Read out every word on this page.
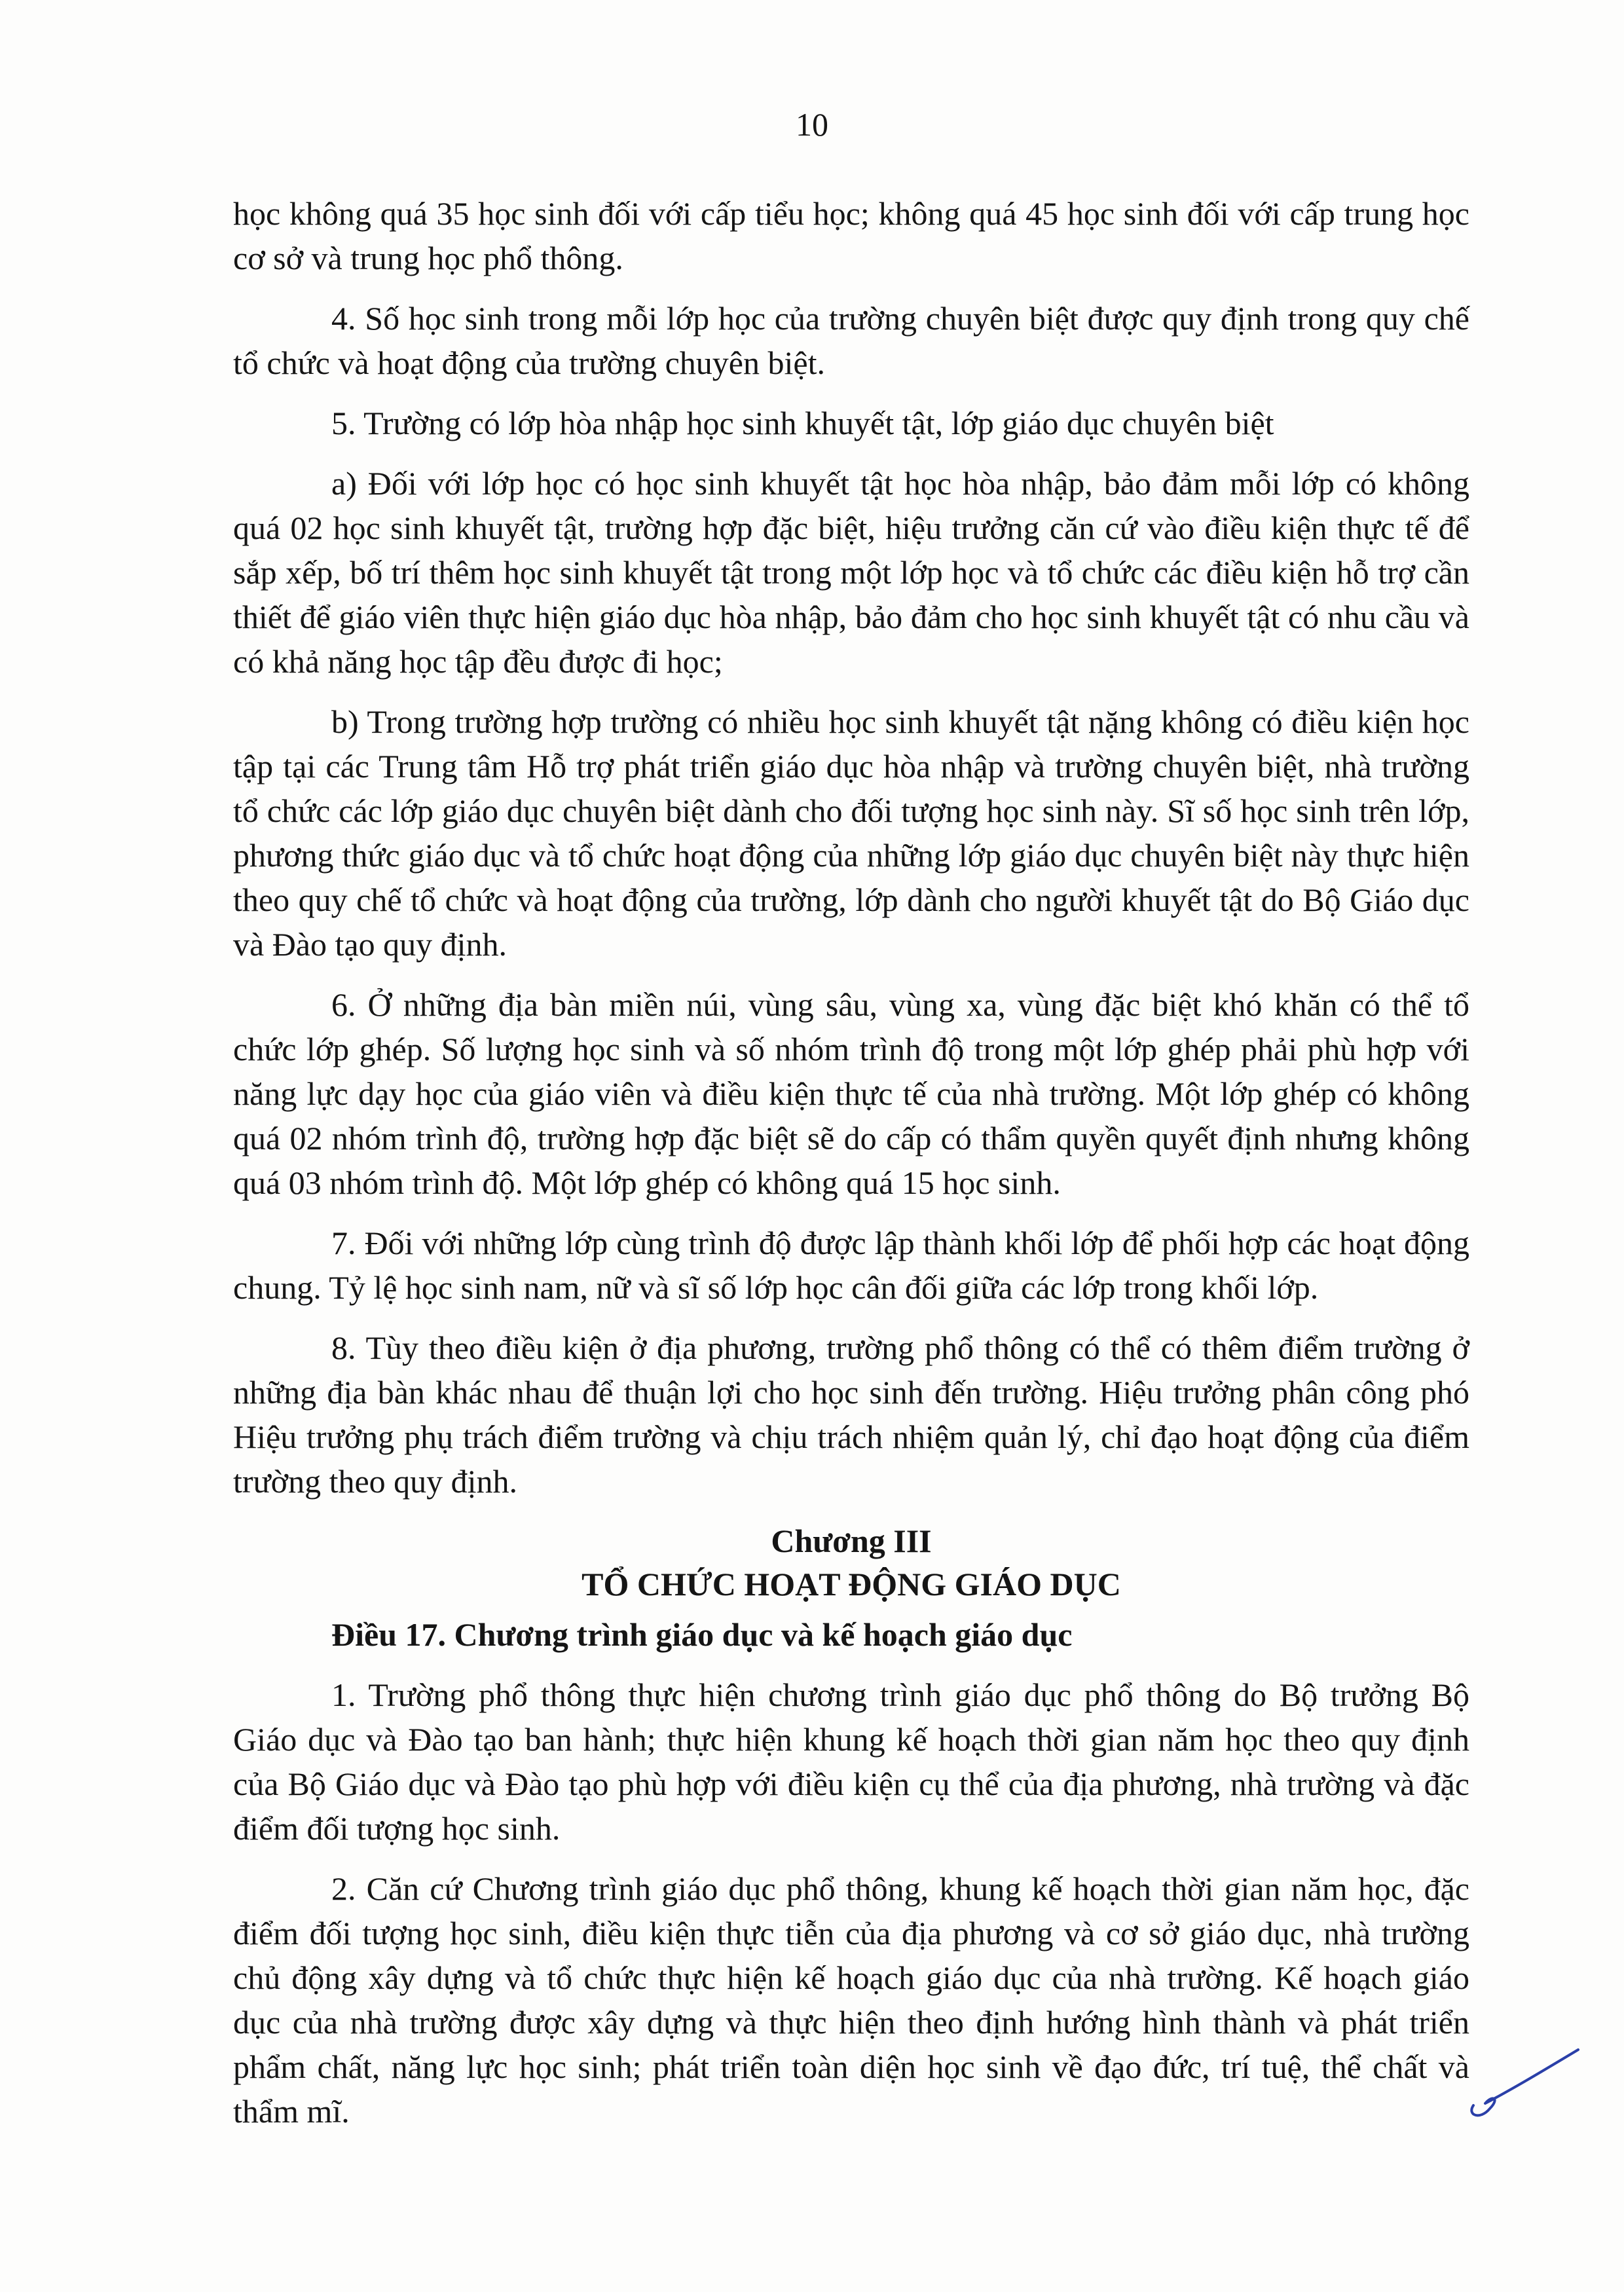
10

học không quá 35 học sinh đối với cấp tiểu học; không quá 45 học sinh đối với cấp trung học cơ sở và trung học phổ thông.

4. Số học sinh trong mỗi lớp học của trường chuyên biệt được quy định trong quy chế tổ chức và hoạt động của trường chuyên biệt.

5. Trường có lớp hòa nhập học sinh khuyết tật, lớp giáo dục chuyên biệt

a) Đối với lớp học có học sinh khuyết tật học hòa nhập, bảo đảm mỗi lớp có không quá 02 học sinh khuyết tật, trường hợp đặc biệt, hiệu trưởng căn cứ vào điều kiện thực tế để sắp xếp, bố trí thêm học sinh khuyết tật trong một lớp học và tổ chức các điều kiện hỗ trợ cần thiết để giáo viên thực hiện giáo dục hòa nhập, bảo đảm cho học sinh khuyết tật có nhu cầu và có khả năng học tập đều được đi học;

b) Trong trường hợp trường có nhiều học sinh khuyết tật nặng không có điều kiện học tập tại các Trung tâm Hỗ trợ phát triển giáo dục hòa nhập và trường chuyên biệt, nhà trường tổ chức các lớp giáo dục chuyên biệt dành cho đối tượng học sinh này. Sĩ số học sinh trên lớp, phương thức giáo dục và tổ chức hoạt động của những lớp giáo dục chuyên biệt này thực hiện theo quy chế tổ chức và hoạt động của trường, lớp dành cho người khuyết tật do Bộ Giáo dục và Đào tạo quy định.

6. Ở những địa bàn miền núi, vùng sâu, vùng xa, vùng đặc biệt khó khăn có thể tổ chức lớp ghép. Số lượng học sinh và số nhóm trình độ trong một lớp ghép phải phù hợp với năng lực dạy học của giáo viên và điều kiện thực tế của nhà trường. Một lớp ghép có không quá 02 nhóm trình độ, trường hợp đặc biệt sẽ do cấp có thẩm quyền quyết định nhưng không quá 03 nhóm trình độ. Một lớp ghép có không quá 15 học sinh.

7. Đối với những lớp cùng trình độ được lập thành khối lớp để phối hợp các hoạt động chung. Tỷ lệ học sinh nam, nữ và sĩ số lớp học cân đối giữa các lớp trong khối lớp.

8. Tùy theo điều kiện ở địa phương, trường phổ thông có thể có thêm điểm trường ở những địa bàn khác nhau để thuận lợi cho học sinh đến trường. Hiệu trưởng phân công phó Hiệu trưởng phụ trách điểm trường và chịu trách nhiệm quản lý, chỉ đạo hoạt động của điểm trường theo quy định.

Chương III
TỔ CHỨC HOẠT ĐỘNG GIÁO DỤC

Điều 17. Chương trình giáo dục và kế hoạch giáo dục

1. Trường phổ thông thực hiện chương trình giáo dục phổ thông do Bộ trưởng Bộ Giáo dục và Đào tạo ban hành; thực hiện khung kế hoạch thời gian năm học theo quy định của Bộ Giáo dục và Đào tạo phù hợp với điều kiện cụ thể của địa phương, nhà trường và đặc điểm đối tượng học sinh.

2. Căn cứ Chương trình giáo dục phổ thông, khung kế hoạch thời gian năm học, đặc điểm đối tượng học sinh, điều kiện thực tiễn của địa phương và cơ sở giáo dục, nhà trường chủ động xây dựng và tổ chức thực hiện kế hoạch giáo dục của nhà trường. Kế hoạch giáo dục của nhà trường được xây dựng và thực hiện theo định hướng hình thành và phát triển phẩm chất, năng lực học sinh; phát triển toàn diện học sinh về đạo đức, trí tuệ, thể chất và thẩm mĩ.
